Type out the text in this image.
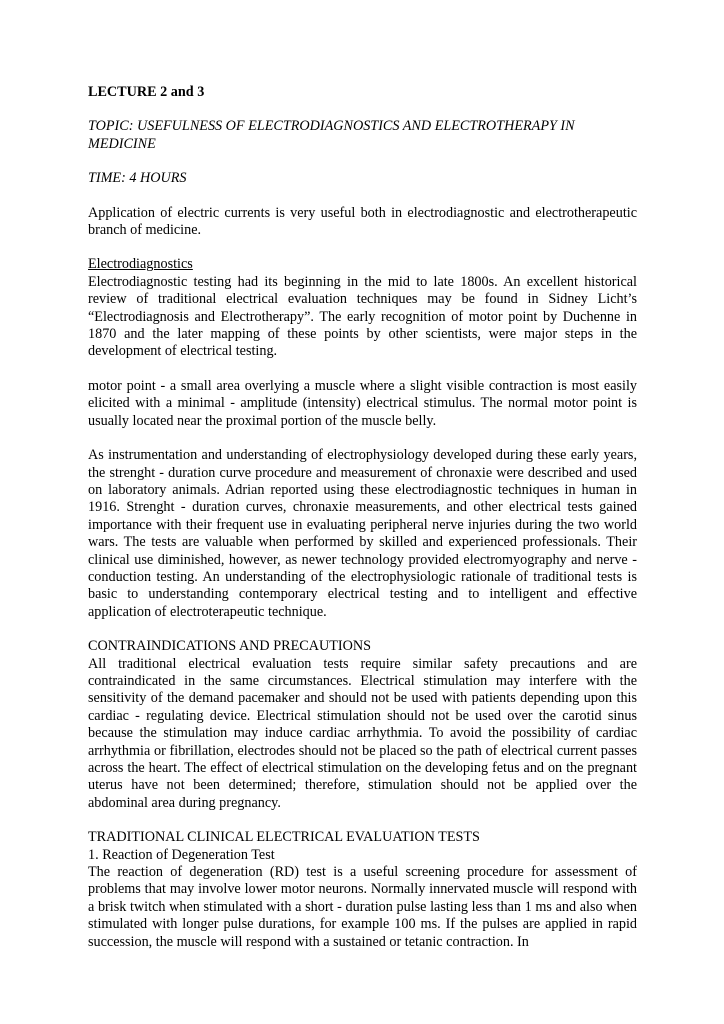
LECTURE 2 and 3
TOPIC: USEFULNESS OF ELECTRODIAGNOSTICS AND ELECTROTHERAPY IN MEDICINE
TIME: 4 HOURS
Application of electric currents is very useful both in electrodiagnostic and electrotherapeutic branch of medicine.
Electrodiagnostics
Electrodiagnostic testing had its beginning in the mid to late 1800s. An excellent historical review of traditional electrical evaluation techniques may be found in Sidney Licht’s “Electrodiagnosis and Electrotherapy”. The early recognition of motor point by Duchenne in 1870 and the later mapping of these points by other scientists, were major steps in the development of electrical testing.
motor point - a small area overlying a muscle where a slight visible contraction is most easily elicited with a minimal - amplitude (intensity) electrical stimulus. The normal motor point is usually located near the proximal portion of the muscle belly.
As instrumentation and understanding of electrophysiology developed during these early years, the strenght - duration curve procedure and measurement of chronaxie were described and used on laboratory animals. Adrian reported using these electrodiagnostic techniques in human in 1916. Strenght - duration curves, chronaxie measurements, and other electrical tests gained importance with their frequent use in evaluating peripheral nerve injuries during the two world wars. The tests are valuable when performed by skilled and experienced professionals. Their clinical use diminished, however, as newer technology provided electromyography and nerve - conduction testing. An understanding of the electrophysiologic rationale of traditional tests is basic to understanding contemporary electrical testing and to intelligent and effective application of electroterapeutic technique.
CONTRAINDICATIONS AND PRECAUTIONS
All traditional electrical evaluation tests require similar safety precautions and are contraindicated in the same circumstances. Electrical stimulation may interfere with the sensitivity of the demand pacemaker and should not be used with patients depending upon this cardiac - regulating device. Electrical stimulation should not be used over the carotid sinus because the stimulation may induce cardiac arrhythmia. To avoid the possibility of cardiac arrhythmia or fibrillation, electrodes should not be placed so the path of electrical current passes across the heart. The effect of electrical stimulation on the developing fetus and on the pregnant uterus have not been determined; therefore, stimulation should not be applied over the abdominal area during pregnancy.
TRADITIONAL CLINICAL ELECTRICAL EVALUATION TESTS
1. Reaction of Degeneration Test
The reaction of degeneration (RD) test is a useful screening procedure for assessment of problems that may involve lower motor neurons. Normally innervated muscle will respond with a brisk twitch when stimulated with a short - duration pulse lasting less than 1 ms and also when stimulated with longer pulse durations, for example 100 ms. If the pulses are applied in rapid succession, the muscle will respond with a sustained or tetanic contraction. In
